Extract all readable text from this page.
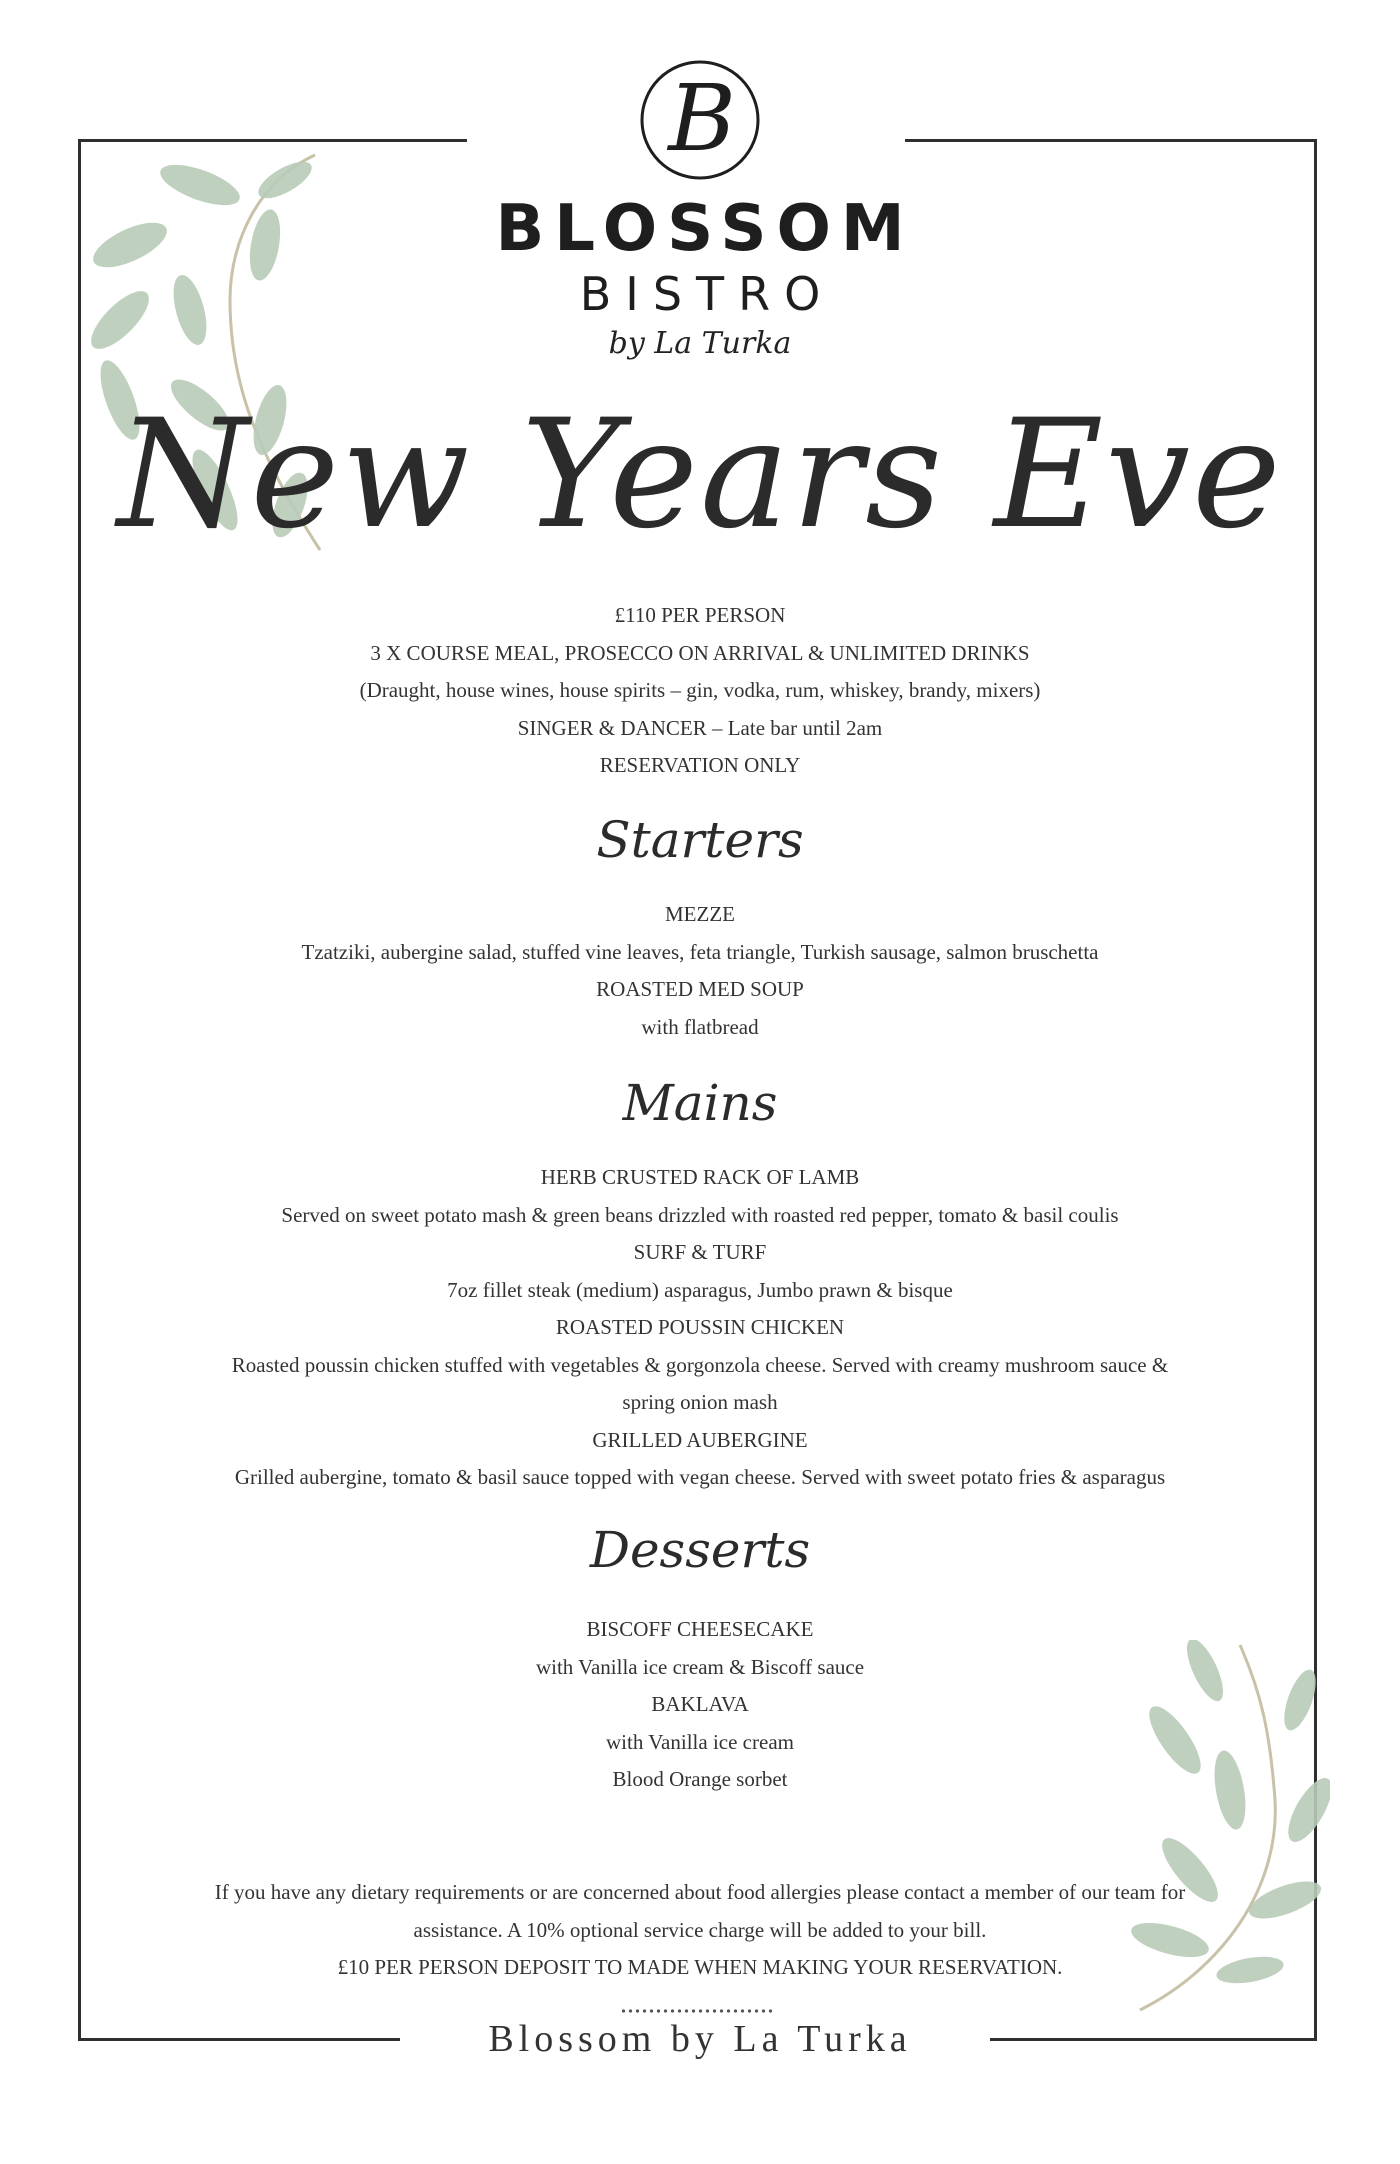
B
BLOSSOM
BISTRO
by La Turka
New Years Eve
£110 PER PERSON
3 X COURSE MEAL, PROSECCO ON ARRIVAL & UNLIMITED DRINKS
(Draught, house wines, house spirits – gin, vodka, rum, whiskey, brandy, mixers)
SINGER & DANCER – Late bar until 2am
RESERVATION ONLY
Starters
MEZZE
Tzatziki, aubergine salad, stuffed vine leaves, feta triangle, Turkish sausage, salmon bruschetta
ROASTED MED SOUP
with flatbread
Mains
HERB CRUSTED RACK OF LAMB
Served on sweet potato mash & green beans drizzled with roasted red pepper, tomato & basil coulis
SURF & TURF
7oz fillet steak (medium) asparagus, Jumbo prawn & bisque
ROASTED POUSSIN CHICKEN
Roasted poussin chicken stuffed with vegetables & gorgonzola cheese. Served with creamy mushroom sauce &
spring onion mash
GRILLED AUBERGINE
Grilled aubergine, tomato & basil sauce topped with vegan cheese. Served with sweet potato fries & asparagus
Desserts
BISCOFF CHEESECAKE
with Vanilla ice cream & Biscoff sauce
BAKLAVA
with Vanilla ice cream
Blood Orange sorbet
If you have any dietary requirements or are concerned about food allergies please contact a member of our team for
assistance. A 10% optional service charge will be added to your bill.
£10 PER PERSON DEPOSIT TO MADE WHEN MAKING YOUR RESERVATION.
Blossom by La Turka
